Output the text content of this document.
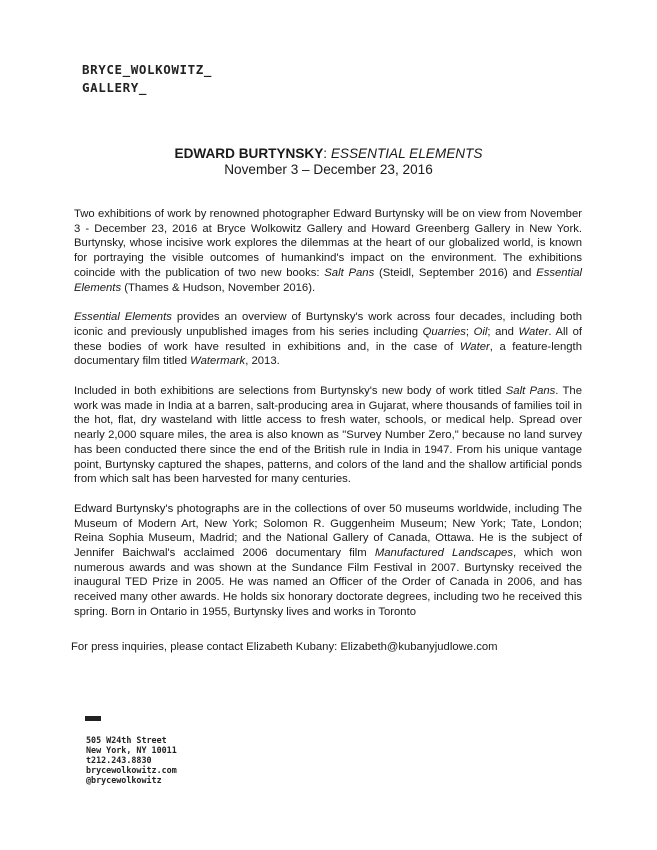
BRYCE_WOLKOWITZ_
GALLERY_
EDWARD BURTYNSKY: ESSENTIAL ELEMENTS
November 3 – December 23, 2016

Two exhibitions of work by renowned photographer Edward Burtynsky will be on view from November 3 - December 23, 2016 at Bryce Wolkowitz Gallery and Howard Greenberg Gallery in New York. Burtynsky, whose incisive work explores the dilemmas at the heart of our globalized world, is known for portraying the visible outcomes of humankind's impact on the environment. The exhibitions coincide with the publication of two new books: Salt Pans (Steidl, September 2016) and Essential Elements (Thames & Hudson, November 2016).

Essential Elements provides an overview of Burtynsky's work across four decades, including both iconic and previously unpublished images from his series including Quarries; Oil; and Water. All of these bodies of work have resulted in exhibitions and, in the case of Water, a feature-length documentary film titled Watermark, 2013.

Included in both exhibitions are selections from Burtynsky's new body of work titled Salt Pans. The work was made in India at a barren, salt-producing area in Gujarat, where thousands of families toil in the hot, flat, dry wasteland with little access to fresh water, schools, or medical help. Spread over nearly 2,000 square miles, the area is also known as "Survey Number Zero," because no land survey has been conducted there since the end of the British rule in India in 1947. From his unique vantage point, Burtynsky captured the shapes, patterns, and colors of the land and the shallow artificial ponds from which salt has been harvested for many centuries.

Edward Burtynsky's photographs are in the collections of over 50 museums worldwide, including The Museum of Modern Art, New York; Solomon R. Guggenheim Museum; New York; Tate, London; Reina Sophia Museum, Madrid; and the National Gallery of Canada, Ottawa. He is the subject of Jennifer Baichwal's acclaimed 2006 documentary film Manufactured Landscapes, which won numerous awards and was shown at the Sundance Film Festival in 2007. Burtynsky received the inaugural TED Prize in 2005. He was named an Officer of the Order of Canada in 2006, and has received many other awards. He holds six honorary doctorate degrees, including two he received this spring. Born in Ontario in 1955, Burtynsky lives and works in Toronto

For press inquiries, please contact Elizabeth Kubany: Elizabeth@kubanyjudlowe.com
505 W24th Street
New York, NY 10011
t212.243.8830
brycewolkowitz.com
@brycewolkowitz
